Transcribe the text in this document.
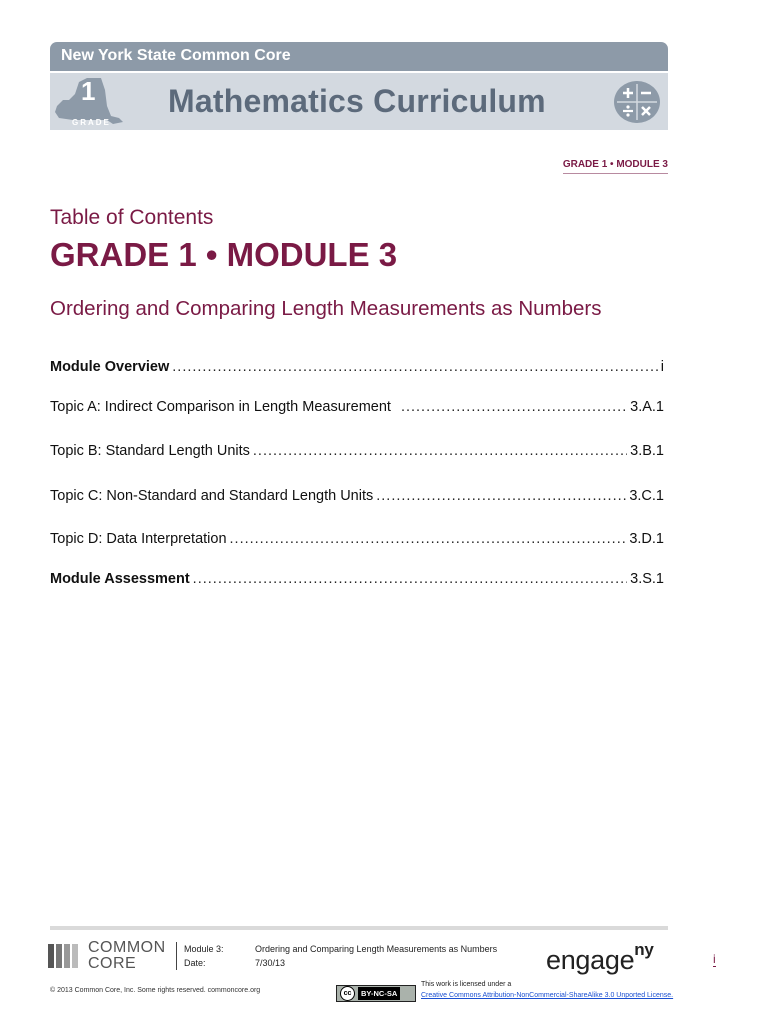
New York State Common Core
1
GRADE
Mathematics Curriculum
GRADE 1 • MODULE 3
Table of Contents
GRADE 1 • MODULE 3
Ordering and Comparing Length Measurements as Numbers
Module Overview .....	i
Topic A: Indirect Comparison in Length Measurement .....	3.A.1
Topic B: Standard Length Units .....	3.B.1
Topic C: Non-Standard and Standard Length Units .....	3.C.1
Topic D: Data Interpretation .....	3.D.1
Module Assessment .....	3.S.1
COMMON
CORE
Module 3:	Ordering and Comparing Length Measurements as Numbers
Date:	7/30/13	engage$^{ny}$	i
© 2013 Common Core, Inc. Some rights reserved. commoncore.org	cc	BY-NC-SA
This work is licensed under a
Creative Commons Attribution-NonCommercial-ShareAlike 3.0 Unported License.
